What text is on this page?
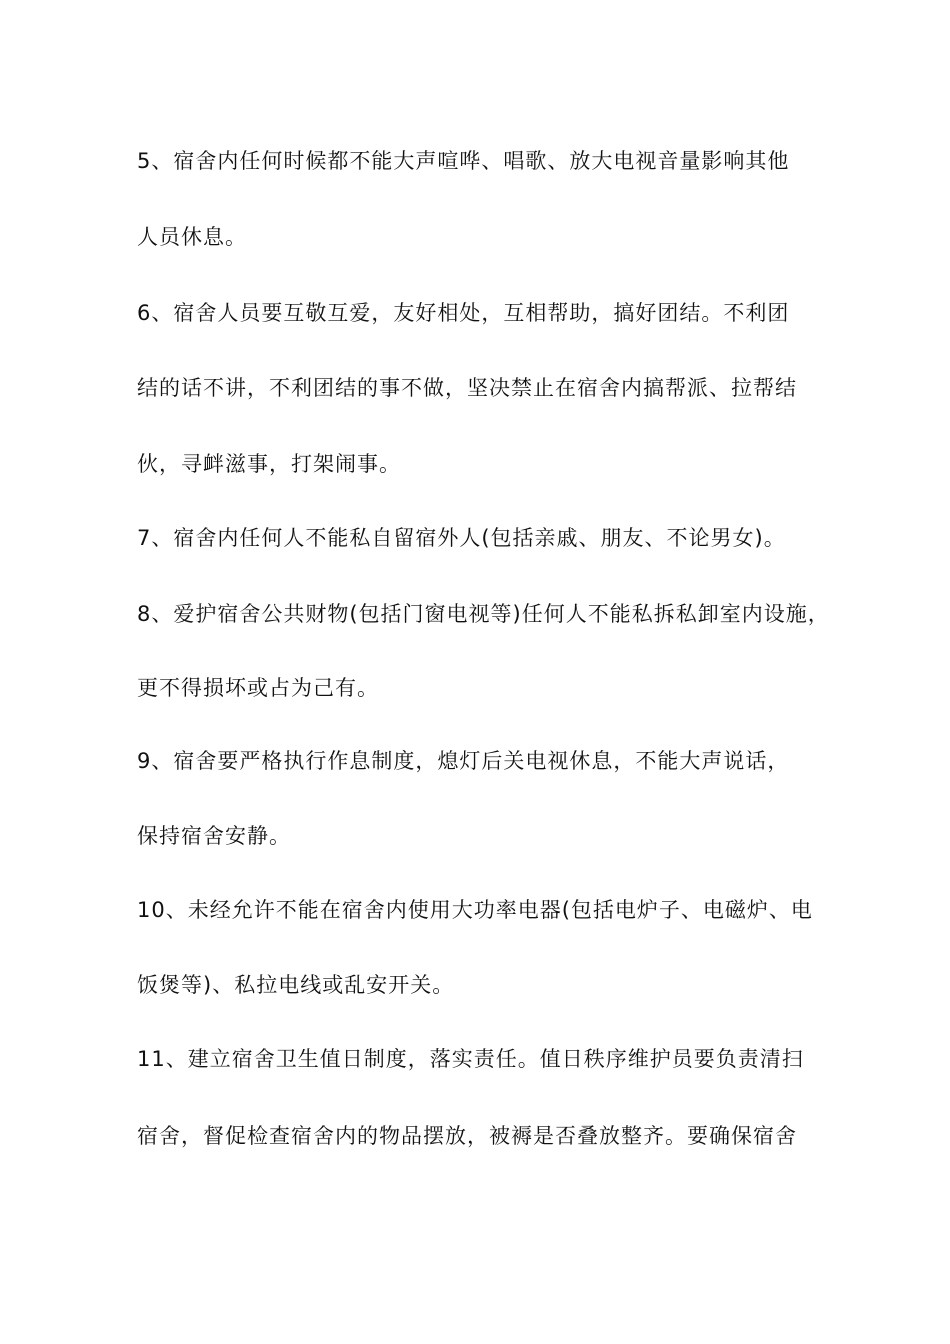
5、宿舍内任何时候都不能大声喧哗、唱歌、放大电视音量影响其他
人员休息。
6、宿舍人员要互敬互爱，友好相处，互相帮助，搞好团结。不利团
结的话不讲，不利团结的事不做，坚决禁止在宿舍内搞帮派、拉帮结
伙，寻衅滋事，打架闹事。
7、宿舍内任何人不能私自留宿外人(包括亲戚、朋友、不论男女)。
8、爱护宿舍公共财物(包括门窗电视等)任何人不能私拆私卸室内设施，
更不得损坏或占为己有。
9、宿舍要严格执行作息制度，熄灯后关电视休息，不能大声说话，
保持宿舍安静。
10、未经允许不能在宿舍内使用大功率电器(包括电炉子、电磁炉、电
饭煲等)、私拉电线或乱安开关。
11、建立宿舍卫生值日制度，落实责任。值日秩序维护员要负责清扫
宿舍，督促检查宿舍内的物品摆放，被褥是否叠放整齐。要确保宿舍
